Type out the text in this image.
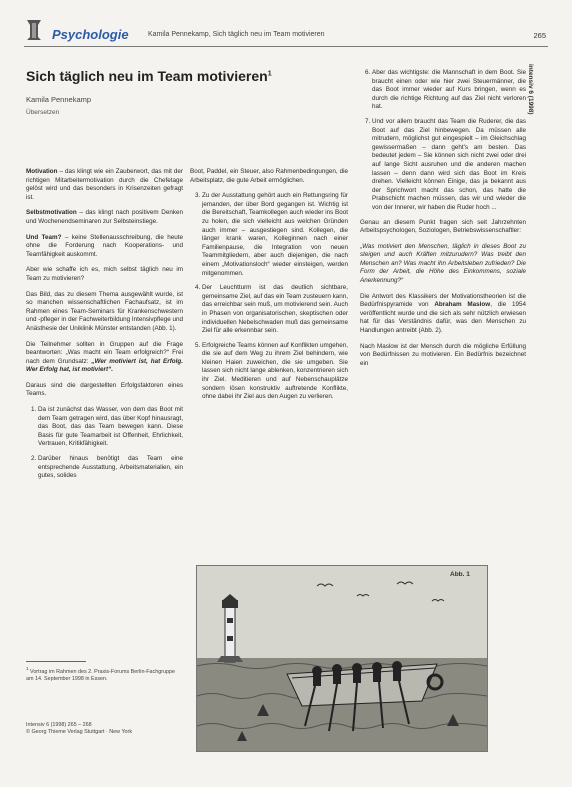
Psychologie	Kamila Pennekamp, Sich täglich neu im Team motivieren	265
intensiv 6 (1998)
Sich täglich neu im Team motivieren$^1$
Kamila Pennekamp
Übersetzen

Motivation – das klingt wie ein Zauberwort, das mit der richtigen Mitarbeitermotivation durch die Chefetage gelöst wird und das besonders in Krisenzeiten gefragt ist.

Selbstmotivation – das klingt nach positivem Denken und Wochenendseminaren zur Selbsteinstiege.

Und Team? – keine Stellenausschreibung, die heute ohne die Forderung nach Kooperations- und Teamfähigkeit auskommt.

Aber wie schaffe ich es, mich selbst täglich neu im Team zu motivieren?

Das Bild, das zu diesem Thema ausgewählt wurde, ist so manchen wissenschaftlichen Fachaufsatz, ist im Rahmen eines Team-Seminars für Krankenschwestern und -pfleger in der Fachweiterbildung Intensivpflege und Anästhesie der Uniklinik Münster entstanden (Abb. 1).

Die Teilnehmer sollten in Gruppen auf die Frage beantworten: „Was macht ein Team erfolgreich?“ Frei nach dem Grundsatz: „Wer motiviert ist, hat Erfolg. Wer Erfolg hat, ist motiviert“.

Daraus sind die dargestellten Erfolgsfaktoren eines Teams.

1. Da ist zunächst das Wasser, von dem das Boot mit dem Team getragen wird, das über Kopf hinausragt, das Boot, das das Team bewegen kann. Diese Basis für gute Teamarbeit ist Offenheit, Ehrlichkeit, Vertrauen, Kritikfähigkeit.
2. Darüber hinaus benötigt das Team eine entsprechende Ausstattung, Arbeitsmaterialien, ein gutes, solides

Boot, Paddel, ein Steuer, also Rahmenbedingungen, die Arbeitsplatz, die gute Arbeit ermöglichen.

3. Zu der Ausstattung gehört auch ein Rettungsring für jemanden, der über Bord gegangen ist. Wichtig ist die Bereitschaft, Teamkollegen auch wieder ins Boot zu holen, die sich vielleicht aus welchen Gründen auch immer – ausgestiegen sind. Kollegen, die länger krank waren, Kolleginnen nach einer Familienpause, die Integration von neuen Teammitgliedern, aber auch diejenigen, die nach einem „Motivationsloch“ wieder einsteigen, werden mitgenommen.
4. Der Leuchtturm ist das deutlich sichtbare, gemeinsame Ziel, auf das ein Team zusteuern kann, das erreichbar sein muß, um motivierend sein. Auch in Phasen von organisatorischen, skeptischen oder individuellen Nebelschwaden muß das gemeinsame Ziel für alle erkennbar sein.
5. Erfolgreiche Teams können auf Konflikten umgehen, die sie auf dem Weg zu ihrem Ziel behindern, wie kleinen Haien zuweichen, die sie umgeben. Sie lassen sich nicht lange ablenken, konzentrieren sich ihr Ziel. Meditieren und auf Nebenschauplätze sondern lösen konstruktiv auftretende Konflikte, ohne dabei ihr Ziel aus den Augen zu verlieren.
6. Aber das wichtigste: die Mannschaft in dem Boot. Sie braucht einen oder wie hier zwei Steuermänner, die das Boot immer wieder auf Kurs bringen, wenn es durch die richtige Richtung auf das Ziel nicht verloren hat.
7. Und vor allem braucht das Team die Ruderer, die das Boot auf das Ziel hinbewegen. Da müssen alle mitrudern, möglichst gut eingespielt – im Gleichschlag gewissermaßen – dann geht's am besten. Das bedeutet jedem – Sie können sich nicht zwei oder drei auf lange Sicht ausruhen und die anderen machen lassen – denn dann wird sich das Boot im Kreis drehen. Vielleicht können Einige, das ja bekannt aus der Sprichwort macht das schon, das hatte die Prabschicht machen müssen, das wir und wieder die von der Innerer, wir haben die Ruder hoch ...

Genau an diesem Punkt fragen sich seit Jahrzehnten Arbeitspsychologen, Soziologen, Betriebswissenschaftler:

„Was motiviert den Menschen, täglich in dieses Boot zu steigen und auch Kräften mitzurudern? Was treibt den Menschen an? Was macht ihn Arbeitsleben zufrieden? Die Form der Arbeit, die Höhe des Einkommens, soziale Anerkennung?“

Die Antwort des Klassikers der Motivationstheorien ist die Bedürfnispyramide von Abraham Maslow, die 1954 veröffentlicht wurde und die sich als sehr nützlich erwiesen hat für das Verständnis dafür, was den Menschen zu Handlungen antreibt (Abb. 2).

Nach Maslow ist der Mensch durch die mögliche Erfüllung von Bedürfnissen zu motivieren. Ein Bedürfnis bezeichnet ein

Abb. 1
$^1$ Vortrag im Rahmen des 2. Praxis-Forums Berlin-Fachgruppe am 14. September 1998 in Essen.
Intensiv 6 (1998) 265 – 268
© Georg Thieme Verlag Stuttgart · New York
